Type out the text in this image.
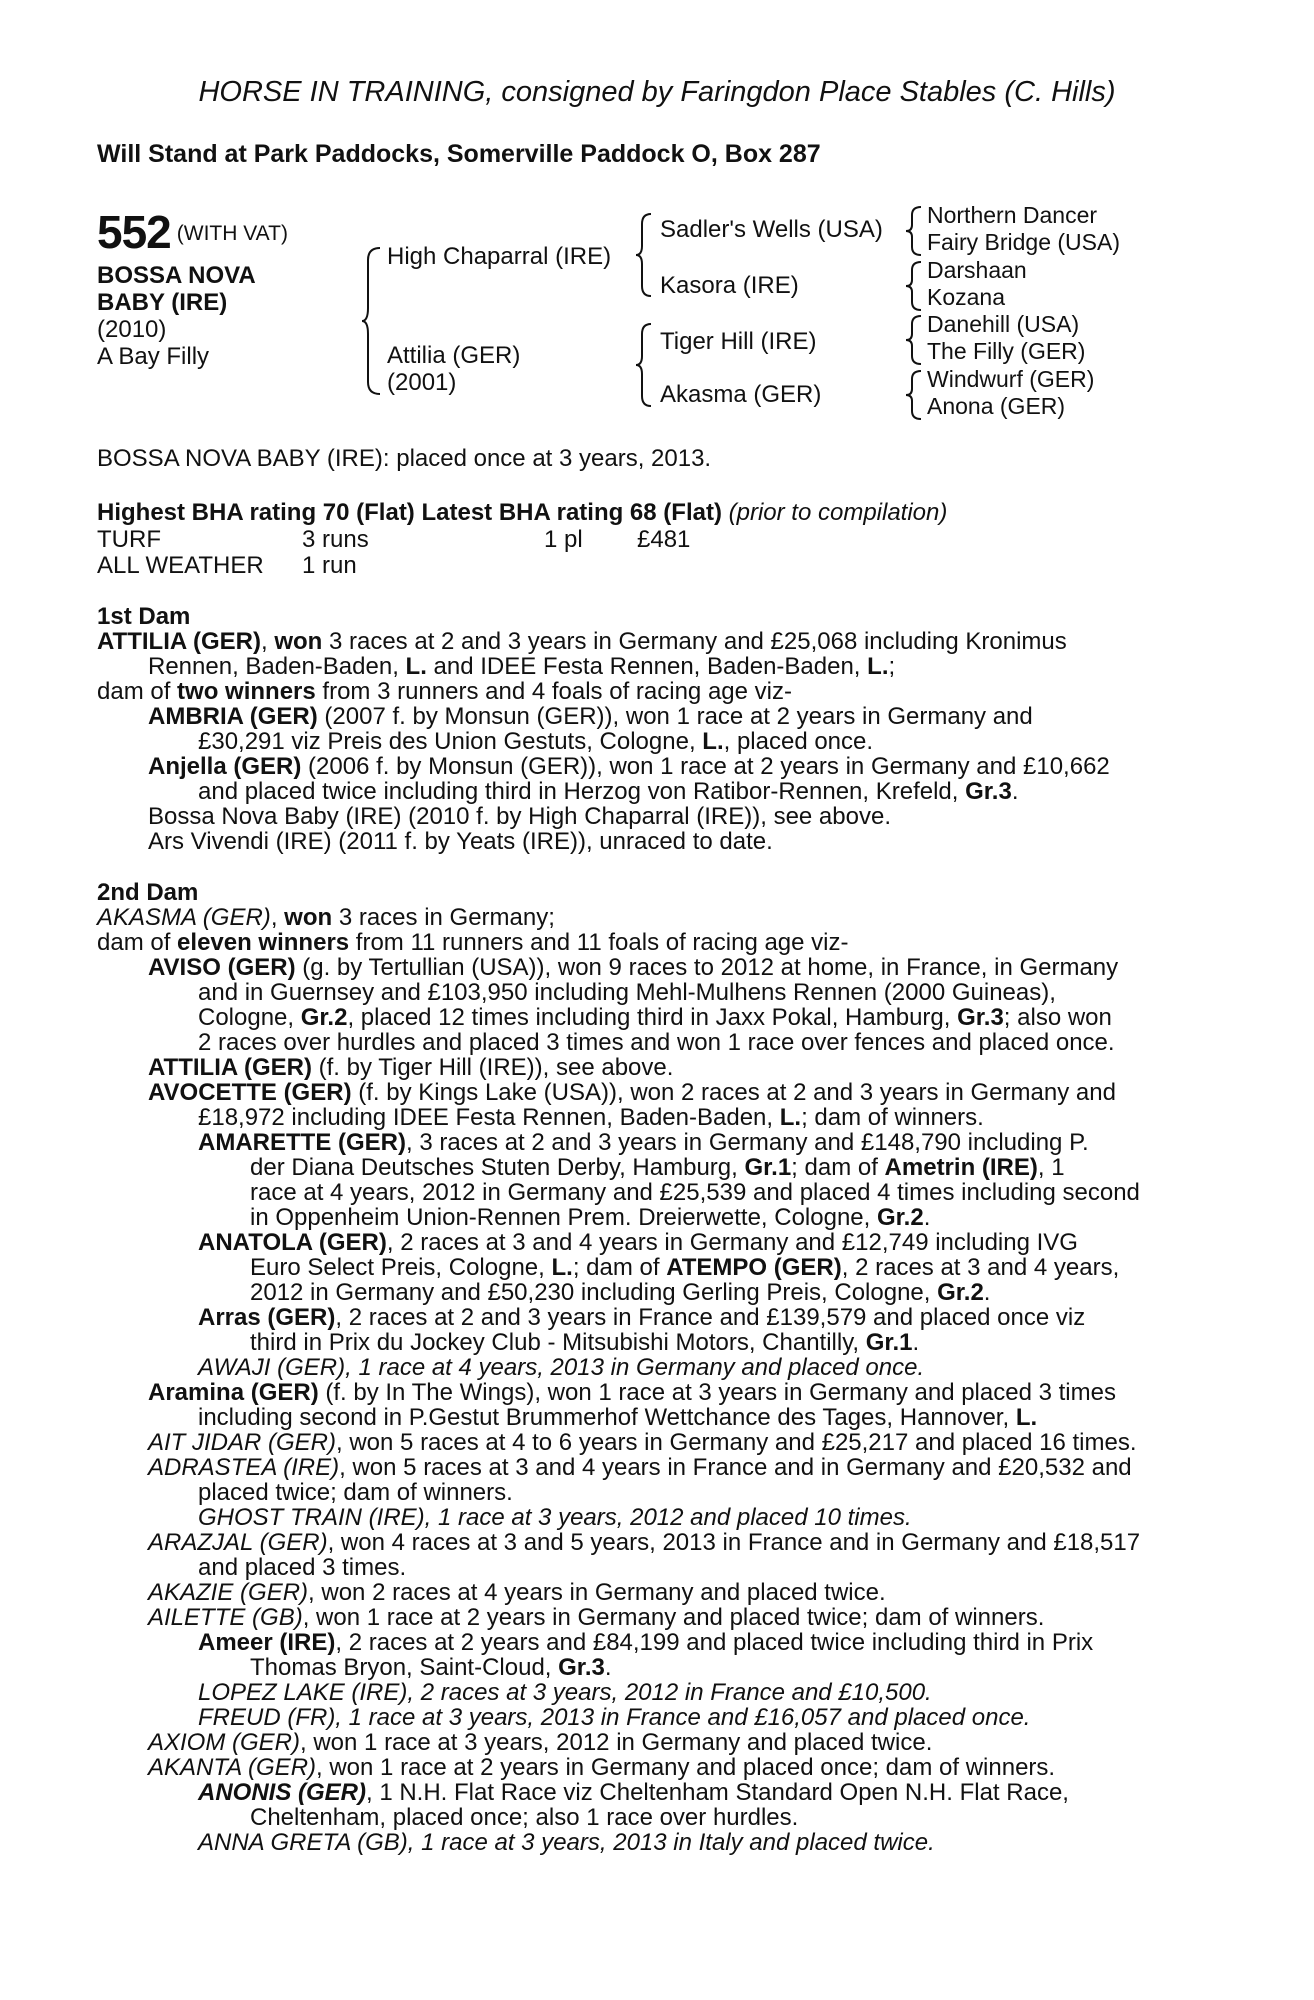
HORSE IN TRAINING, consigned by Faringdon Place Stables (C. Hills)
Will Stand at Park Paddocks, Somerville Paddock O, Box 287
552 (WITH VAT)
BOSSA NOVA
BABY (IRE)
(2010)
A Bay Filly
High Chaparral (IRE)
Attilia (GER)
(2001)
Sadler's Wells (USA)
Kasora (IRE)
Tiger Hill (IRE)
Akasma (GER)
Northern Dancer
Fairy Bridge (USA)
Darshaan
Kozana
Danehill (USA)
The Filly (GER)
Windwurf (GER)
Anona (GER)
BOSSA NOVA BABY (IRE): placed once at 3 years, 2013.
Highest BHA rating 70 (Flat) Latest BHA rating 68 (Flat) (prior to compilation)
TURF	3 runs	1 pl £481
ALL WEATHER 1 run
1st Dam
ATTILIA (GER), won 3 races at 2 and 3 years in Germany and £25,068 including Kronimus
Rennen, Baden-Baden, L. and IDEE Festa Rennen, Baden-Baden, L.;
dam of two winners from 3 runners and 4 foals of racing age viz-
AMBRIA (GER) (2007 f. by Monsun (GER)), won 1 race at 2 years in Germany and
£30,291 viz Preis des Union Gestuts, Cologne, L., placed once.
Anjella (GER) (2006 f. by Monsun (GER)), won 1 race at 2 years in Germany and £10,662
and placed twice including third in Herzog von Ratibor-Rennen, Krefeld, Gr.3.
Bossa Nova Baby (IRE) (2010 f. by High Chaparral (IRE)), see above.
Ars Vivendi (IRE) (2011 f. by Yeats (IRE)), unraced to date.
2nd Dam
AKASMA (GER), won 3 races in Germany;
dam of eleven winners from 11 runners and 11 foals of racing age viz-
AVISO (GER) (g. by Tertullian (USA)), won 9 races to 2012 at home, in France, in Germany
and in Guernsey and £103,950 including Mehl-Mulhens Rennen (2000 Guineas),
Cologne, Gr.2, placed 12 times including third in Jaxx Pokal, Hamburg, Gr.3; also won
2 races over hurdles and placed 3 times and won 1 race over fences and placed once.
ATTILIA (GER) (f. by Tiger Hill (IRE)), see above.
AVOCETTE (GER) (f. by Kings Lake (USA)), won 2 races at 2 and 3 years in Germany and
£18,972 including IDEE Festa Rennen, Baden-Baden, L.; dam of winners.
AMARETTE (GER), 3 races at 2 and 3 years in Germany and £148,790 including P.
der Diana Deutsches Stuten Derby, Hamburg, Gr.1; dam of Ametrin (IRE), 1
race at 4 years, 2012 in Germany and £25,539 and placed 4 times including second
in Oppenheim Union-Rennen Prem. Dreierwette, Cologne, Gr.2.
ANATOLA (GER), 2 races at 3 and 4 years in Germany and £12,749 including IVG
Euro Select Preis, Cologne, L.; dam of ATEMPO (GER), 2 races at 3 and 4 years,
2012 in Germany and £50,230 including Gerling Preis, Cologne, Gr.2.
Arras (GER), 2 races at 2 and 3 years in France and £139,579 and placed once viz
third in Prix du Jockey Club - Mitsubishi Motors, Chantilly, Gr.1.
AWAJI (GER), 1 race at 4 years, 2013 in Germany and placed once.
Aramina (GER) (f. by In The Wings), won 1 race at 3 years in Germany and placed 3 times
including second in P.Gestut Brummerhof Wettchance des Tages, Hannover, L.
AIT JIDAR (GER), won 5 races at 4 to 6 years in Germany and £25,217 and placed 16 times.
ADRASTEA (IRE), won 5 races at 3 and 4 years in France and in Germany and £20,532 and
placed twice; dam of winners.
GHOST TRAIN (IRE), 1 race at 3 years, 2012 and placed 10 times.
ARAZJAL (GER), won 4 races at 3 and 5 years, 2013 in France and in Germany and £18,517
and placed 3 times.
AKAZIE (GER), won 2 races at 4 years in Germany and placed twice.
AILETTE (GB), won 1 race at 2 years in Germany and placed twice; dam of winners.
Ameer (IRE), 2 races at 2 years and £84,199 and placed twice including third in Prix
Thomas Bryon, Saint-Cloud, Gr.3.
LOPEZ LAKE (IRE), 2 races at 3 years, 2012 in France and £10,500.
FREUD (FR), 1 race at 3 years, 2013 in France and £16,057 and placed once.
AXIOM (GER), won 1 race at 3 years, 2012 in Germany and placed twice.
AKANTA (GER), won 1 race at 2 years in Germany and placed once; dam of winners.
ANONIS (GER), 1 N.H. Flat Race viz Cheltenham Standard Open N.H. Flat Race,
Cheltenham, placed once; also 1 race over hurdles.
ANNA GRETA (GB), 1 race at 3 years, 2013 in Italy and placed twice.
